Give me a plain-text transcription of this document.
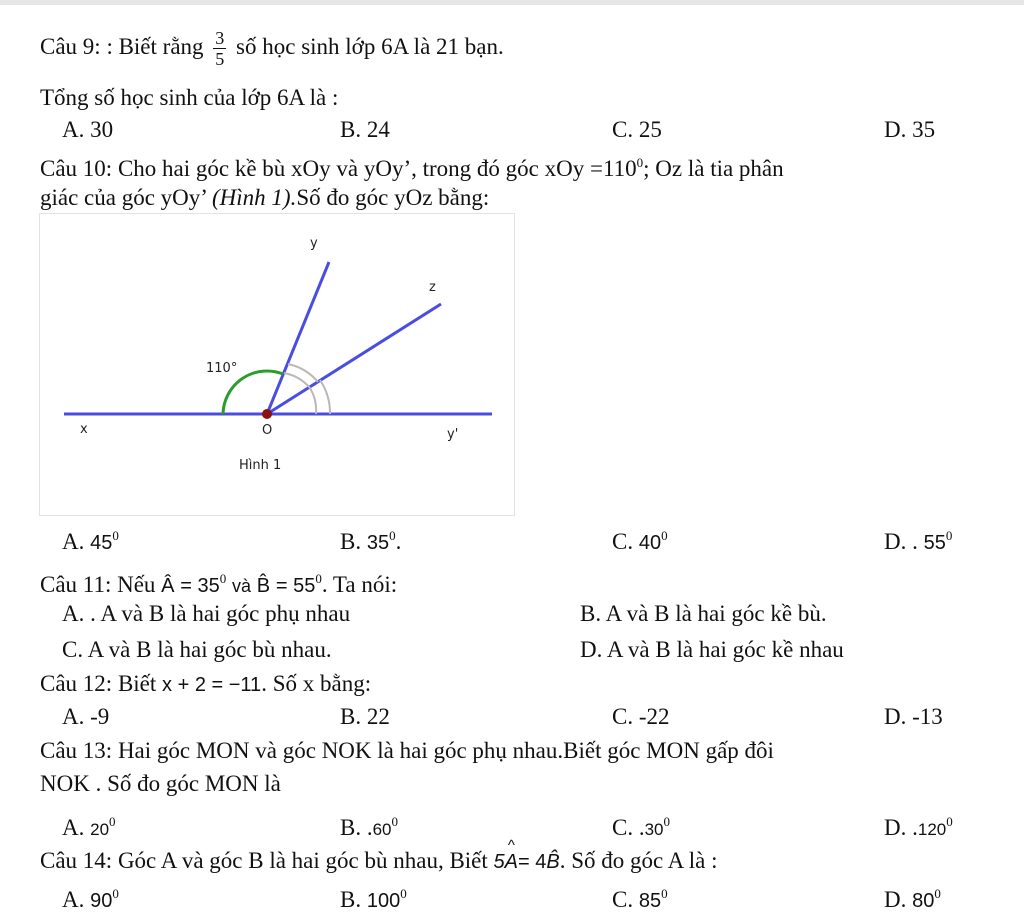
Câu 9: : Biết rằng $\frac{3}{5}$ số học sinh lớp 6A là 21 bạn.
Tổng số học sinh của lớp 6A là :
A. 30	B. 24	C. 25	D. 35
Câu 10: Cho hai góc kề bù xOy và yOy’, trong đó góc xOy $=110^0$; Oz là tia phân
giác của góc yOy’ (Hình 1).Số đo góc yOz bằng:
y
z
x	O	y'
110°
Hình 1
A. $45^0$	B. $35^0$.	C. $40^0$	D. . $55^0$
Câu 11: Nếu Â = $35^0$ và B̂ = $55^0$. Ta nói:
A. . A và B là hai góc phụ nhau	B. A và B là hai góc kề bù.
C. A và B là hai góc bù nhau.	D. A và B là hai góc kề nhau
Câu 12: Biết x + 2 = −11. Số x bằng:
A. -9	B. 22	C. -22	D. -13
Câu 13: Hai góc MON và góc NOK là hai góc phụ nhau.Biết góc MON gấp đôi
NOK . Số đo góc MON là
A. $20^0$	B. $.60^0$	C. $.30^0$	D. .120$^0$
Câu 14: Góc A và góc B là hai góc bù nhau, Biết 5^ A= 4B̂. Số đo góc A là :
A. $90^0$	B. $100^0$	C. $85^0$	D. $80^0$
